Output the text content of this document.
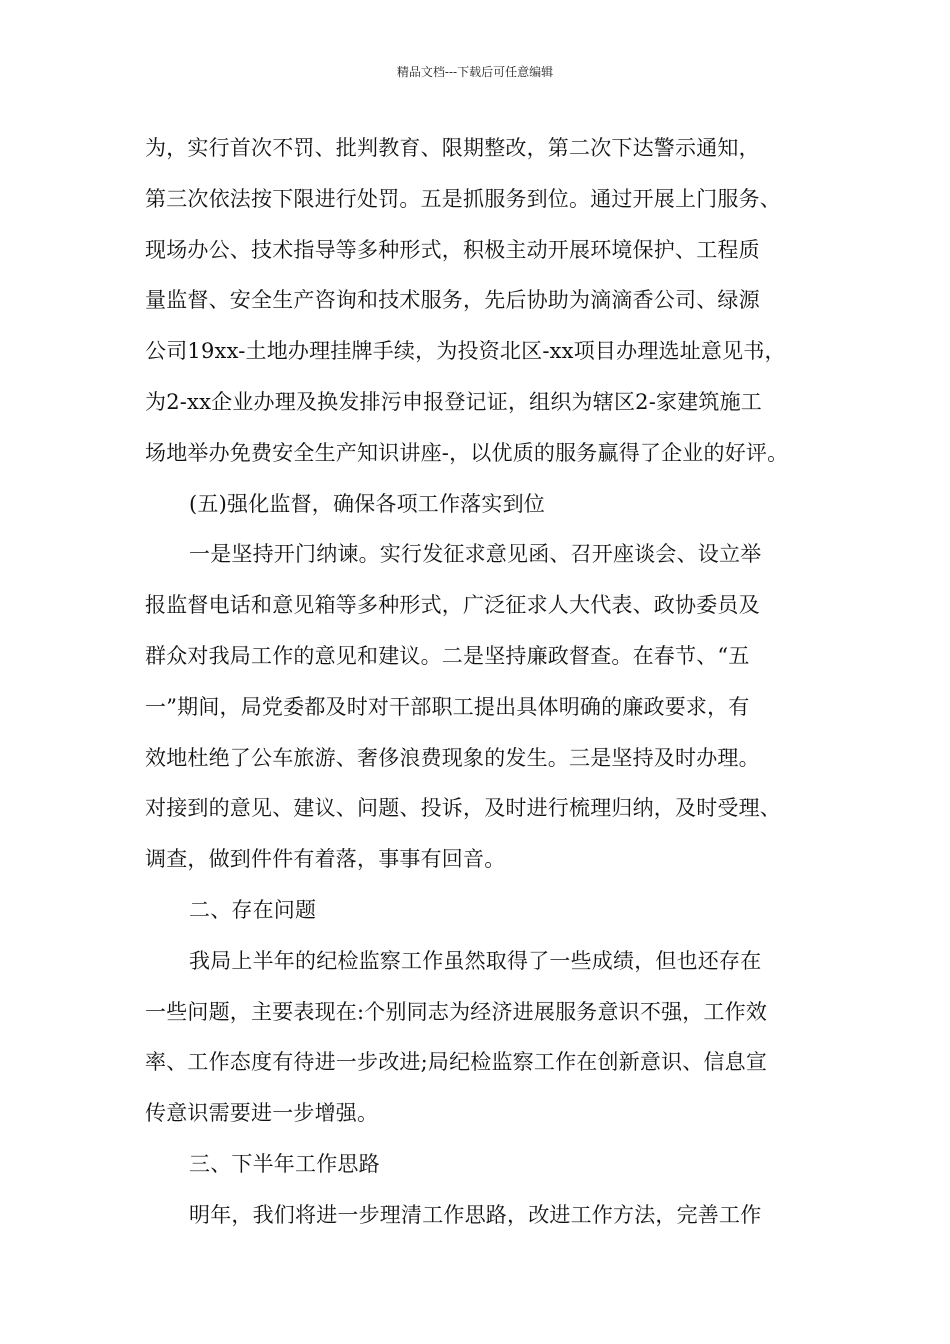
精品文档---下载后可任意编辑
为，实行首次不罚、批判教育、限期整改，第二次下达警示通知，
第三次依法按下限进行处罚。五是抓服务到位。通过开展上门服务、
现场办公、技术指导等多种形式，积极主动开展环境保护、工程质
量监督、安全生产咨询和技术服务，先后协助为滴滴香公司、绿源
公司19xx-土地办理挂牌手续，为投资北区-xx项目办理选址意见书，
为2-xx企业办理及换发排污申报登记证，组织为辖区2-家建筑施工
场地举办免费安全生产知识讲座-，以优质的服务赢得了企业的好评。
(五)强化监督，确保各项工作落实到位
一是坚持开门纳谏。实行发征求意见函、召开座谈会、设立举
报监督电话和意见箱等多种形式，广泛征求人大代表、政协委员及
群众对我局工作的意见和建议。二是坚持廉政督查。在春节、“五
一”期间，局党委都及时对干部职工提出具体明确的廉政要求，有
效地杜绝了公车旅游、奢侈浪费现象的发生。三是坚持及时办理。
对接到的意见、建议、问题、投诉，及时进行梳理归纳，及时受理、
调查，做到件件有着落，事事有回音。
二、存在问题
我局上半年的纪检监察工作虽然取得了一些成绩，但也还存在
一些问题，主要表现在:个别同志为经济进展服务意识不强，工作效
率、工作态度有待进一步改进;局纪检监察工作在创新意识、信息宣
传意识需要进一步增强。
三、下半年工作思路
明年，我们将进一步理清工作思路，改进工作方法，完善工作
